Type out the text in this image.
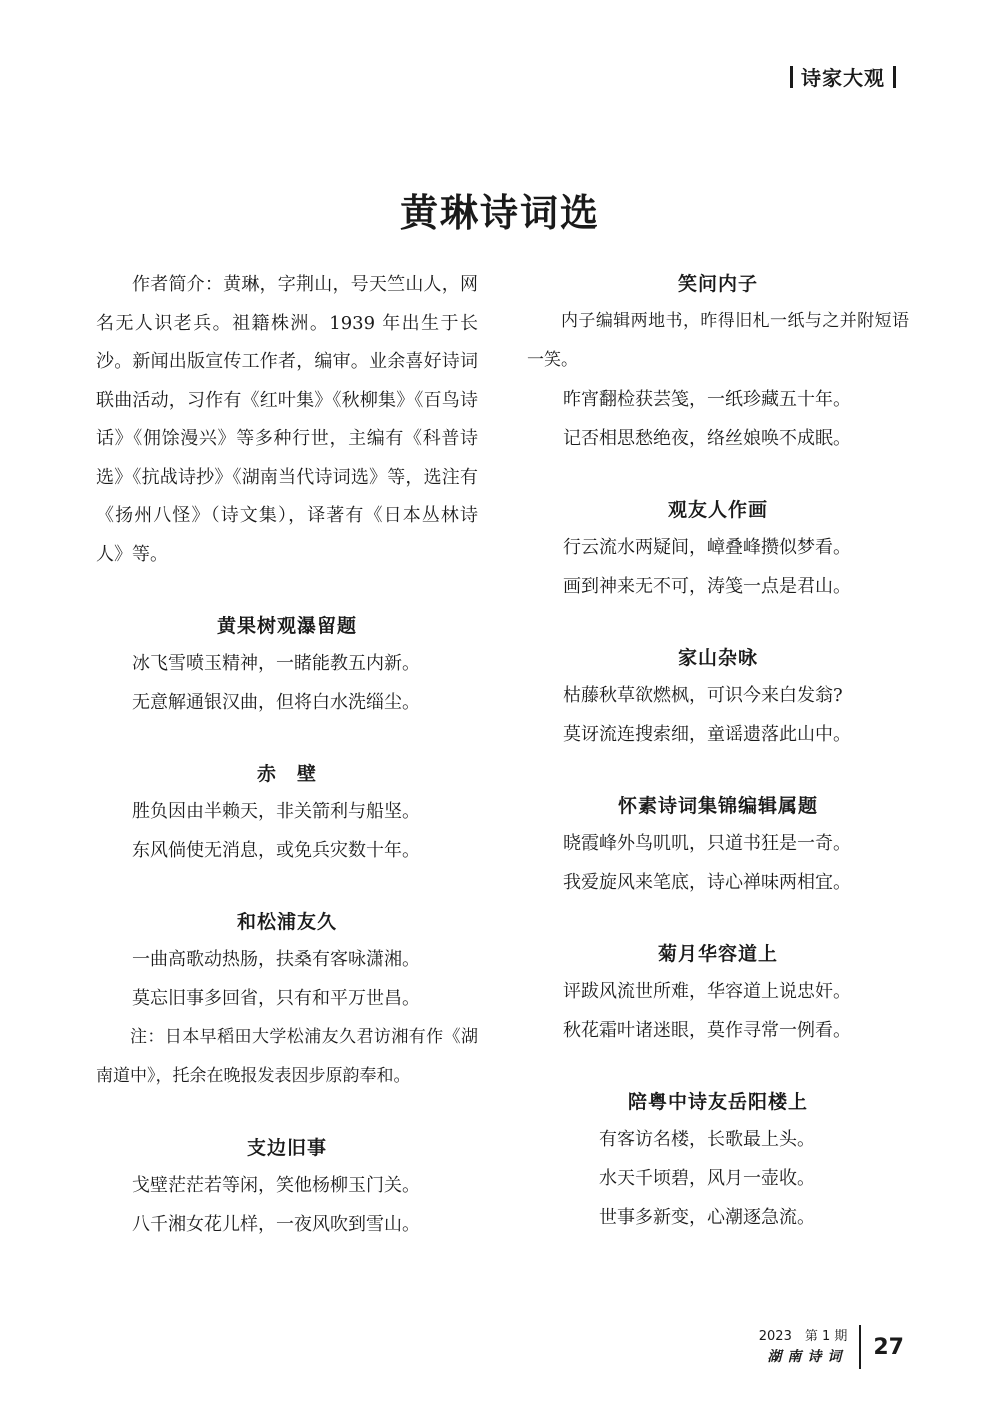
诗家大观
黄琳诗词选

作者简介：黄琳，字荆山，号天竺山人，网名无人识老兵。祖籍株洲。1939 年出生于长沙。新闻出版宣传工作者，编审。业余喜好诗词联曲活动，习作有《红叶集》《秋柳集》《百鸟诗话》《佣馀漫兴》等多种行世，主编有《科普诗选》《抗战诗抄》《湖南当代诗词选》等，选注有《扬州八怪》（诗文集），译著有《日本丛林诗人》等。

黄果树观瀑留题
冰飞雪喷玉精神，一睹能教五内新。
无意解通银汉曲，但将白水洗缁尘。
赤　壁
胜负因由半赖天，非关箭利与船坚。
东风倘使无消息，或免兵灾数十年。
和松浦友久
一曲高歌动热肠，扶桑有客咏潇湘。
莫忘旧事多回省，只有和平万世昌。

注：日本早稻田大学松浦友久君访湘有作《湖南道中》，托余在晚报发表因步原韵奉和。

支边旧事
戈壁茫茫若等闲，笑他杨柳玉门关。
八千湘女花儿样，一夜风吹到雪山。
笑问内子

内子编辑两地书，昨得旧札一纸与之并附短语一笑。

昨宵翻检获芸笺，一纸珍藏五十年。
记否相思愁绝夜，络丝娘唤不成眠。
观友人作画
行云流水两疑间，嶂叠峰攒似梦看。
画到神来无不可，涛笺一点是君山。
家山杂咏
枯藤秋草欲燃枫，可识今来白发翁?
莫讶流连搜索细，童谣遗落此山中。
怀素诗词集锦编辑属题
晓霞峰外鸟叽叽，只道书狂是一奇。
我爱旋风来笔底，诗心禅味两相宜。
菊月华容道上
评跋风流世所难，华容道上说忠奸。
秋花霜叶诸迷眼，莫作寻常一例看。
陪粤中诗友岳阳楼上
有客访名楼，长歌最上头。
水天千顷碧，风月一壶收。
世事多新变，心潮逐急流。
2023　第 1 期
湖南诗词 27
